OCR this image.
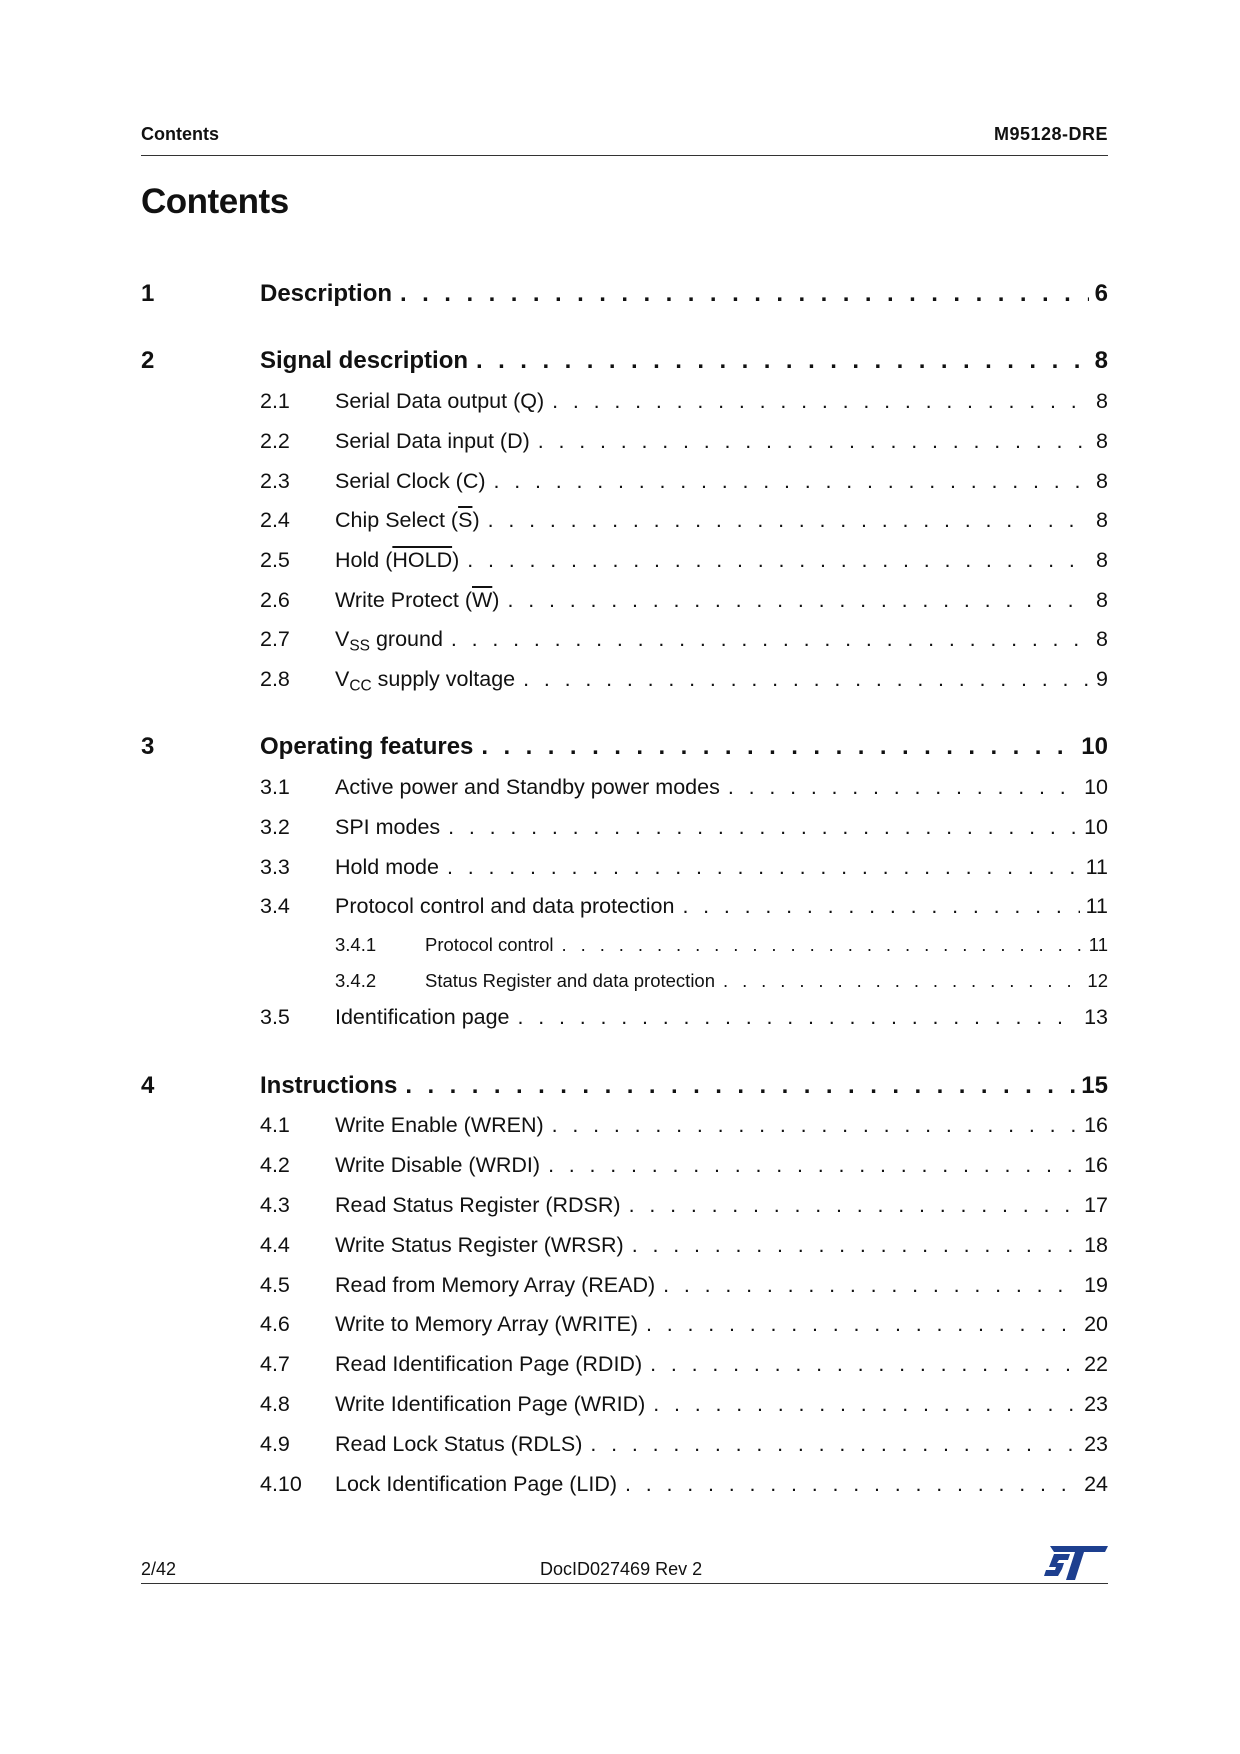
Contents	M95128-DRE
Contents
1	Description . . .	6
2	Signal description . . .	8
2.1	Serial Data output (Q) . . .	8
2.2	Serial Data input (D) . . .	8
2.3	Serial Clock (C) . . .	8
2.4	Chip Select $(\overline{S})$ . . .	8
2.5	Hold (HOLD) . . .	8
2.6	Write Protect $(\overline{W})$ . . .	8
2.7	$V_{SS}$ ground . . .	8
2.8	$V_{CC}$ supply voltage . . .	9
3	Operating features . . .	10
3.1	Active power and Standby power modes . . .	10
3.2	SPI modes . . .	10
3.3	Hold mode . . .	11
3.4	Protocol control and data protection . . .	11
3.4.1	Protocol control . . .	11
3.4.2	Status Register and data protection . . .	12
3.5	Identification page . . .	13
4	Instructions . . .	15
4.1	Write Enable (WREN) . . .	16
4.2	Write Disable (WRDI) . . .	16
4.3	Read Status Register (RDSR) . . .	17
4.4	Write Status Register (WRSR) . . .	18
4.5	Read from Memory Array (READ) . . .	19
4.6	Write to Memory Array (WRITE) . . .	20
4.7	Read Identification Page (RDID) . . .	22
4.8	Write Identification Page (WRID) . . .	23
4.9	Read Lock Status (RDLS) . . .	23
4.10	Lock Identification Page (LID) . . .	24
2/42	DocID027469 Rev 2
